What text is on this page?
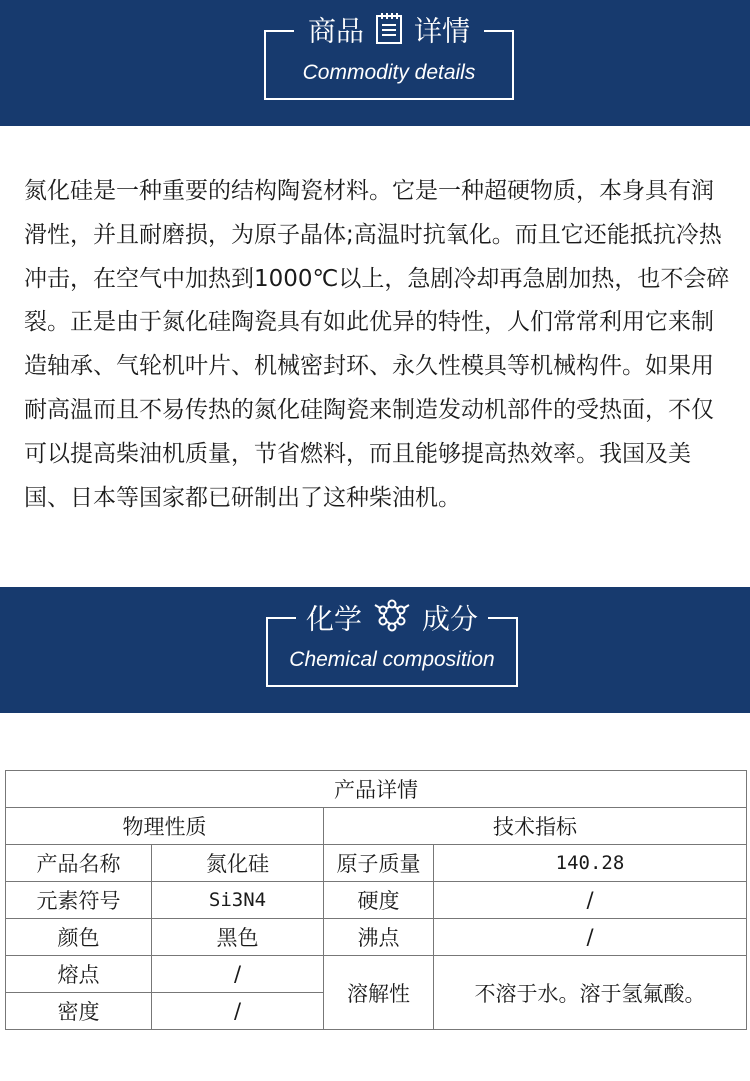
商品 详情
Commodity details

氮化硅是一种重要的结构陶瓷材料。它是一种超硬物质，本身具有润滑性，并且耐磨损，为原子晶体;高温时抗氧化。而且它还能抵抗冷热冲击，在空气中加热到1000℃以上，急剧冷却再急剧加热，也不会碎裂。正是由于氮化硅陶瓷具有如此优异的特性，人们常常利用它来制造轴承、气轮机叶片、机械密封环、永久性模具等机械构件。如果用耐高温而且不易传热的氮化硅陶瓷来制造发动机部件的受热面，不仅可以提高柴油机质量，节省燃料，而且能够提高热效率。我国及美国、日本等国家都已研制出了这种柴油机。

化学 成分
Chemical composition
产品详情			
物理性质		技术指标	
产品名称	氮化硅	原子质量	140.28
元素符号	Si3N4	硬度	/
颜色	黑色	沸点	/
熔点	/	溶解性	不溶于水。溶于氢氟酸。
密度	/		
